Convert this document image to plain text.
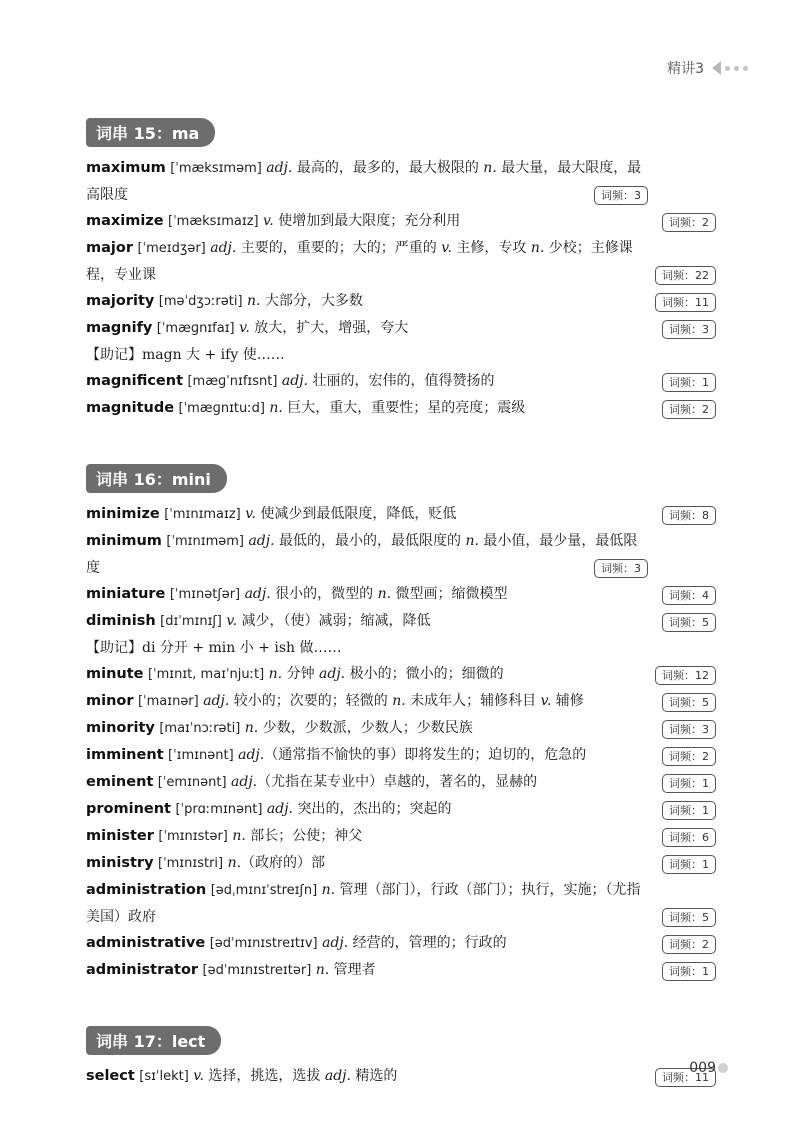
精讲3
词串 15：ma
maximum [ˈmæksɪməm] adj. 最高的，最多的，最大极限的 n. 最大量，最大限度，最高限度	词频：3
maximize [ˈmæksɪmaɪz] v. 使增加到最大限度；充分利用	词频：2
major [ˈmeɪdʒər] adj. 主要的，重要的；大的；严重的 v. 主修，专攻 n. 少校；主修课程，专业课	词频：22
majority [məˈdʒɔːrəti] n. 大部分，大多数	词频：11
magnify [ˈmæɡnɪfaɪ] v. 放大，扩大，增强，夸大	词频：3
【助记】magn 大 + ify 使……
magnificent [mæɡˈnɪfɪsnt] adj. 壮丽的，宏伟的，值得赞扬的	词频：1
magnitude [ˈmæɡnɪtuːd] n. 巨大，重大，重要性；星的亮度；震级	词频：2
词串 16：mini
minimize [ˈmɪnɪmaɪz] v. 使减少到最低限度，降低，贬低	词频：8
minimum [ˈmɪnɪməm] adj. 最低的，最小的，最低限度的 n. 最小值，最少量，最低限度	词频：3
miniature [ˈmɪnətʃər] adj. 很小的，微型的 n. 微型画；缩微模型	词频：4
diminish [dɪˈmɪnɪʃ] v. 减少，（使）减弱；缩减，降低	词频：5
【助记】di 分开 + min 小 + ish 做……
minute [ˈmɪnɪt, maɪˈnjuːt] n. 分钟 adj. 极小的；微小的；细微的	词频：12
minor [ˈmaɪnər] adj. 较小的；次要的；轻微的 n. 未成年人；辅修科目 v. 辅修	词频：5
minority [maɪˈnɔːrəti] n. 少数，少数派，少数人；少数民族	词频：3
imminent [ˈɪmɪnənt] adj.（通常指不愉快的事）即将发生的；迫切的，危急的	词频：2
eminent [ˈemɪnənt] adj.（尤指在某专业中）卓越的，著名的，显赫的	词频：1
prominent [ˈprɑːmɪnənt] adj. 突出的，杰出的；突起的	词频：1
minister [ˈmɪnɪstər] n. 部长；公使；神父	词频：6
ministry [ˈmɪnɪstri] n.（政府的）部	词频：1
administration [ədˌmɪnɪˈstreɪʃn] n. 管理（部门），行政（部门）；执行，实施；（尤指美国）政府	词频：5
administrative [ədˈmɪnɪstreɪtɪv] adj. 经营的，管理的；行政的	词频：2
administrator [ədˈmɪnɪstreɪtər] n. 管理者	词频：1
词串 17：lect
select [sɪˈlekt] v. 选择，挑选，选拔 adj. 精选的	词频：11
009
